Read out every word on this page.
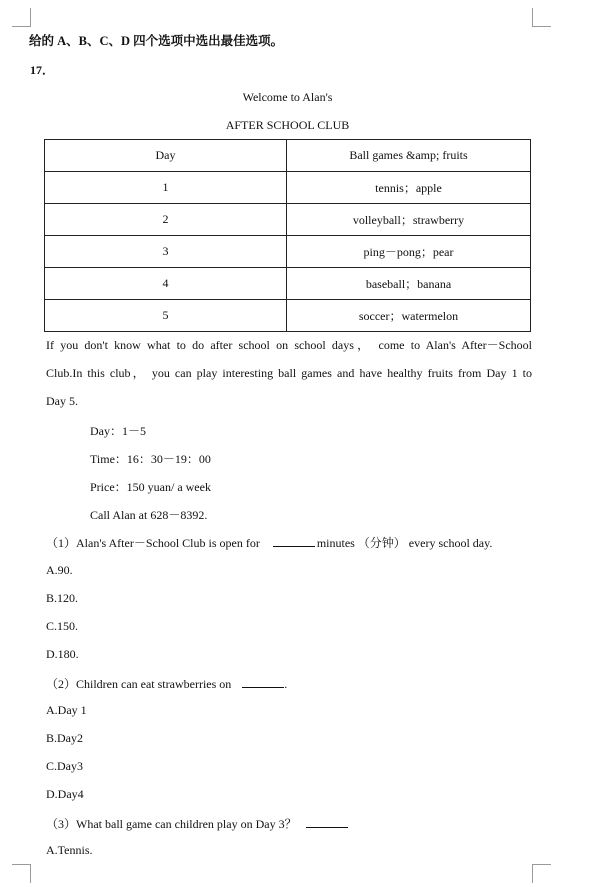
给的 A、B、C、D 四个选项中选出最佳选项。
17．
Welcome to Alan's
AFTER SCHOOL CLUB
Day	Ball games &amp; fruits
1	tennis；apple
2	volleyball；strawberry
3	ping－pong；pear
4	baseball；banana
5	soccer；watermelon
If you don't know what to do after school on school days， come to Alan's After－School
Club.In this club， you can play interesting ball games and have healthy fruits from Day 1 to
Day 5.
Day：1－5
Time：16：30－19：00
Price：150 yuan/ a week
Call Alan at 628－8392.
（1）Alan's After－School Club is open for	minutes （分钟） every school day.
A.90.
B.120.
C.150.
D.180.
（2）Children can eat strawberries on	.
A.Day 1
B.Day2
C.Day3
D.Day4
（3）What ball game can children play on Day 3？
A.Tennis.
